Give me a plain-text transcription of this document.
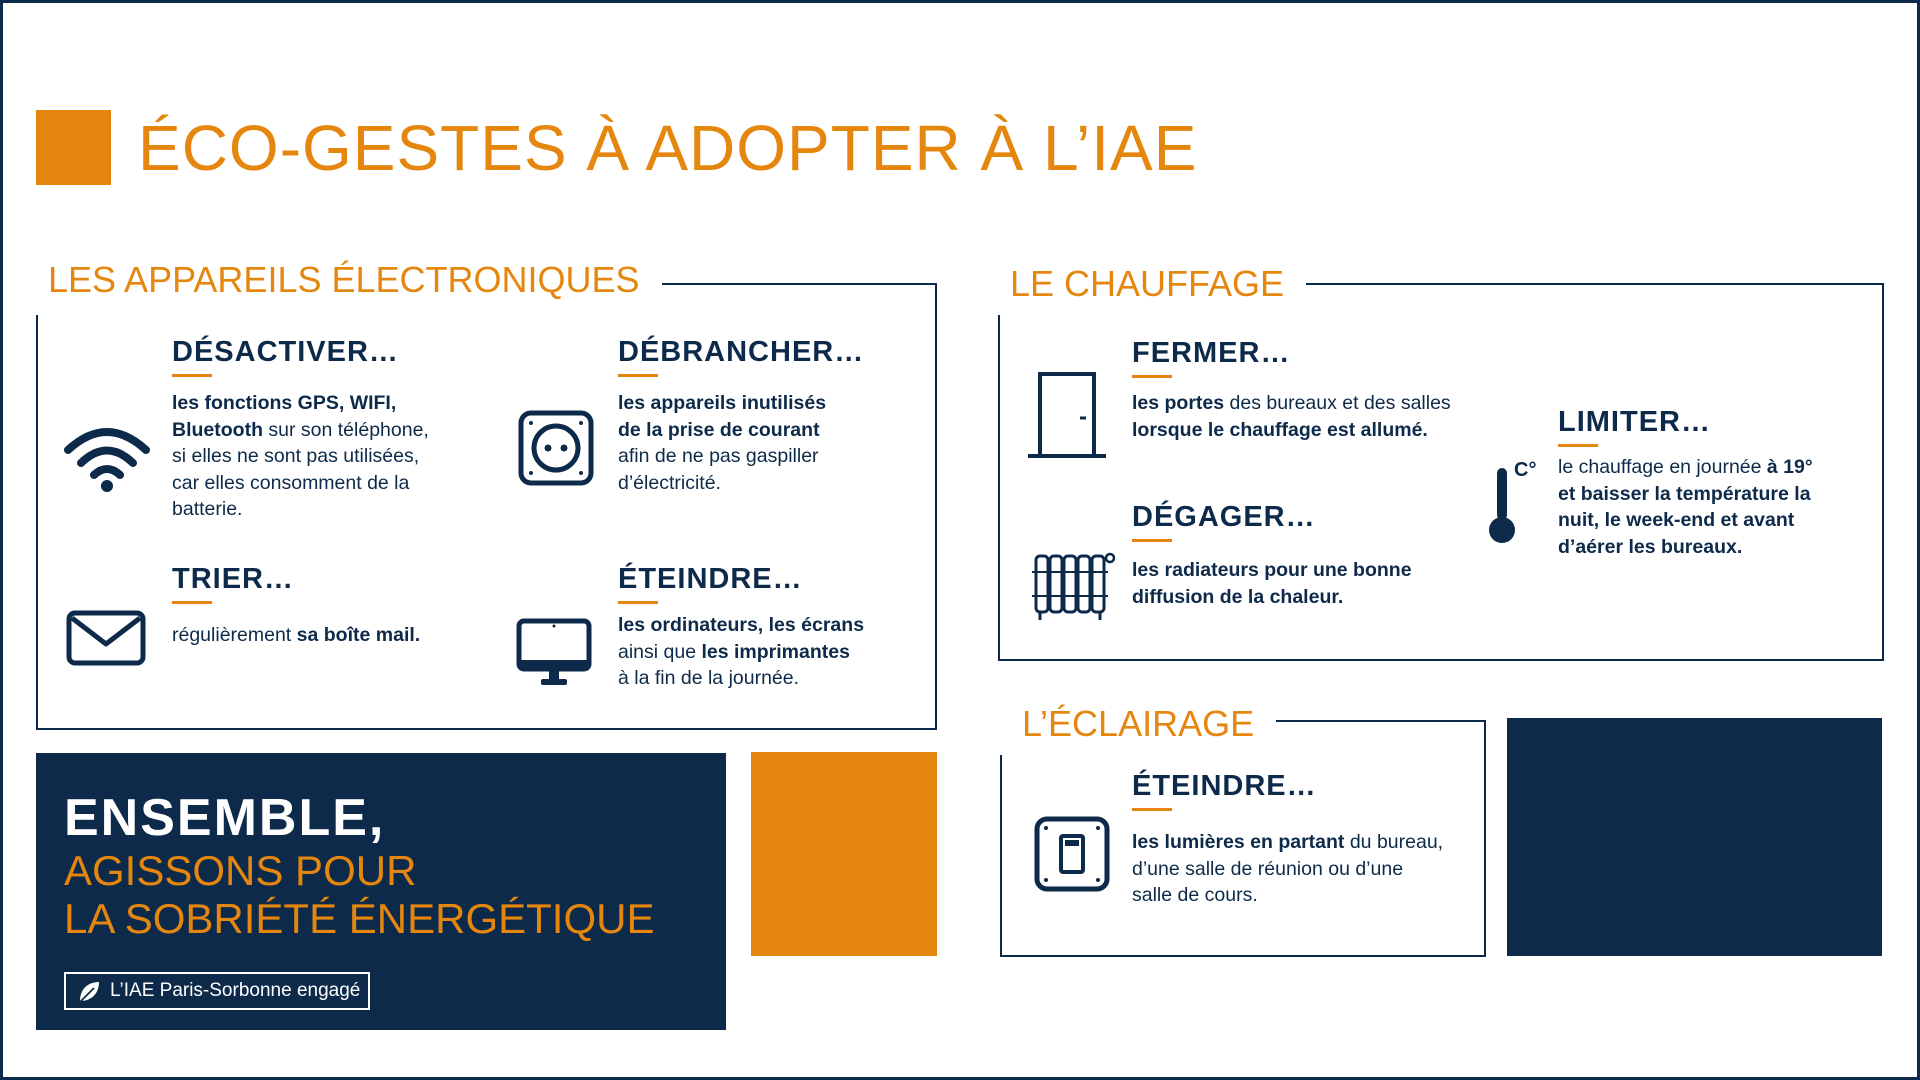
ÉCO-GESTES À ADOPTER À L’IAE
LES APPAREILS ÉLECTRONIQUES
DÉSACTIVER…
les fonctions GPS, WIFI,
Bluetooth sur son téléphone,
si elles ne sont pas utilisées,
car elles consomment de la
batterie.
DÉBRANCHER…
les appareils inutilisés
de la prise de courant
afin de ne pas gaspiller
d’électricité.
TRIER…
régulièrement sa boîte mail.
ÉTEINDRE…
les ordinateurs, les écrans
ainsi que les imprimantes
à la fin de la journée.
LE CHAUFFAGE
FERMER…
les portes des bureaux et des salles
lorsque le chauffage est allumé.
DÉGAGER…
les radiateurs pour une bonne
diffusion de la chaleur.
LIMITER…
le chauffage en journée à 19°
et baisser la température la
nuit, le week-end et avant
d’aérer les bureaux.
C°
L’ÉCLAIRAGE
ÉTEINDRE…
les lumières en partant du bureau,
d’une salle de réunion ou d’une
salle de cours.
ENSEMBLE,
AGISSONS POUR
LA SOBRIÉTÉ ÉNERGÉTIQUE
L’IAE Paris-Sorbonne engagé
